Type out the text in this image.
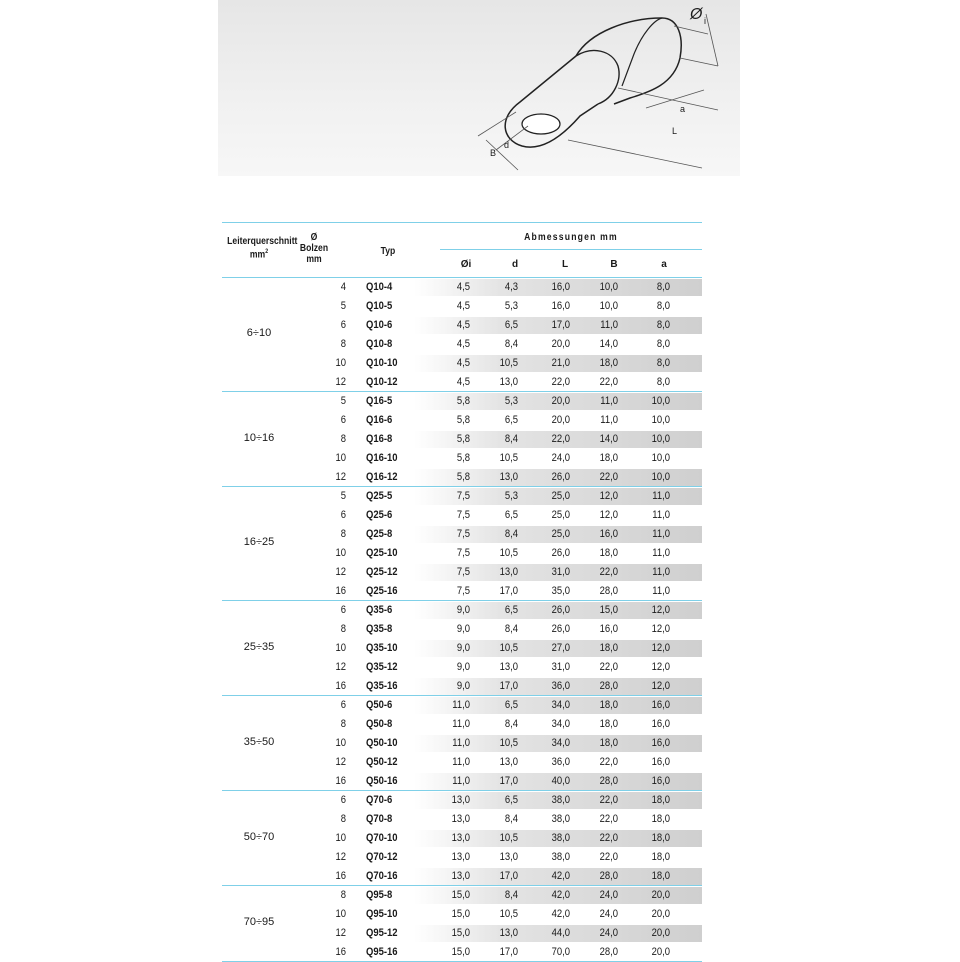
Ø i
a
L
B
d
Leiterquerschnitt
$mm^2$
Ø
Bolzen
mm
Typ
Abmessungen mm
Øi	d	L	B	a
6÷10
4 Q10-4	4,5	4,3	16,0	10,0	8,0
5 Q10-5	4,5	5,3	16,0	10,0	8,0
6 Q10-6	4,5	6,5	17,0	11,0	8,0
8 Q10-8	4,5	8,4	20,0	14,0	8,0
10 Q10-10	4,5	10,5	21,0	18,0	8,0
12 Q10-12	4,5	13,0	22,0	22,0	8,0
10÷16
5 Q16-5	5,8	5,3	20,0	11,0	10,0
6 Q16-6	5,8	6,5	20,0	11,0	10,0
8 Q16-8	5,8	8,4	22,0	14,0	10,0
10 Q16-10	5,8	10,5	24,0	18,0	10,0
12 Q16-12	5,8	13,0	26,0	22,0	10,0
16÷25
5 Q25-5	7,5	5,3	25,0	12,0	11,0
6 Q25-6	7,5	6,5	25,0	12,0	11,0
8 Q25-8	7,5	8,4	25,0	16,0	11,0
10 Q25-10	7,5	10,5	26,0	18,0	11,0
12 Q25-12	7,5	13,0	31,0	22,0	11,0
16 Q25-16	7,5	17,0	35,0	28,0	11,0
25÷35
6 Q35-6	9,0	6,5	26,0	15,0	12,0
8 Q35-8	9,0	8,4	26,0	16,0	12,0
10 Q35-10	9,0	10,5	27,0	18,0	12,0
12 Q35-12	9,0	13,0	31,0	22,0	12,0
16 Q35-16	9,0	17,0	36,0	28,0	12,0
35÷50
6 Q50-6	11,0	6,5	34,0	18,0	16,0
8 Q50-8	11,0	8,4	34,0	18,0	16,0
10 Q50-10	11,0	10,5	34,0	18,0	16,0
12 Q50-12	11,0	13,0	36,0	22,0	16,0
16 Q50-16	11,0	17,0	40,0	28,0	16,0
50÷70
6 Q70-6	13,0	6,5	38,0	22,0	18,0
8 Q70-8	13,0	8,4	38,0	22,0	18,0
10 Q70-10	13,0	10,5	38,0	22,0	18,0
12 Q70-12	13,0	13,0	38,0	22,0	18,0
16 Q70-16	13,0	17,0	42,0	28,0	18,0
70÷95
8 Q95-8	15,0	8,4	42,0	24,0	20,0
10 Q95-10	15,0	10,5	42,0	24,0	20,0
12 Q95-12	15,0	13,0	44,0	24,0	20,0
16 Q95-16	15,0	17,0	70,0	28,0	20,0
